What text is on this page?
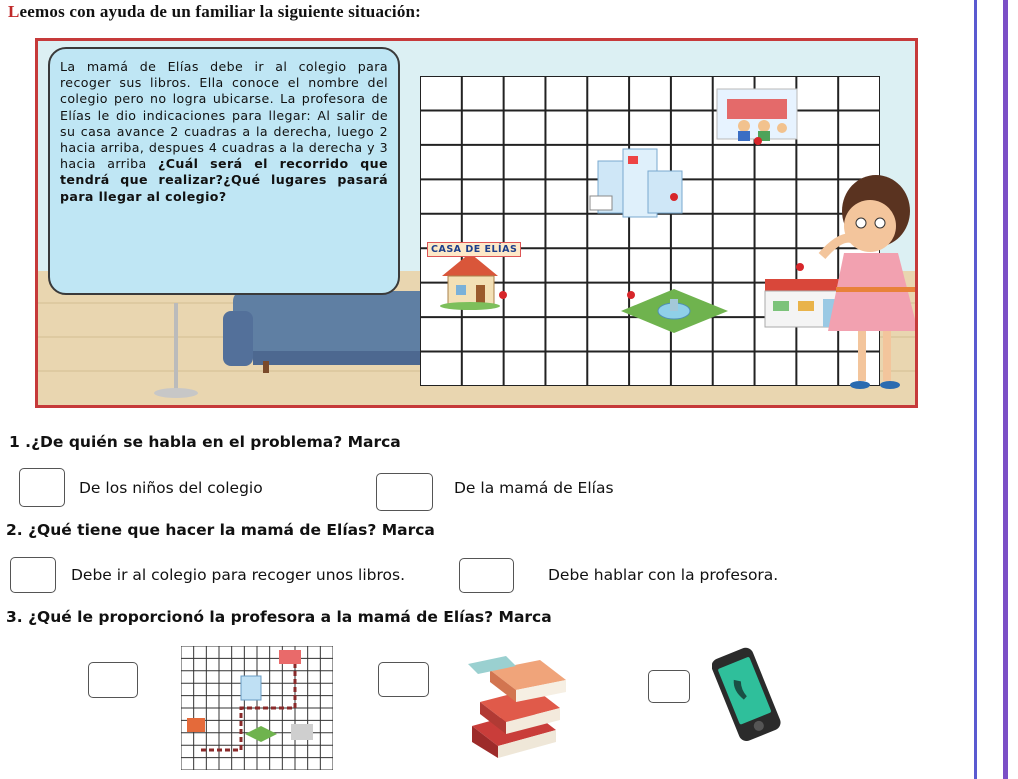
Leemos con ayuda de un familiar la siguiente situación:
CASA DE ELÍAS
La mamá de Elías debe ir al colegio para recoger sus libros. Ella conoce el nombre del colegio pero no logra ubicarse. La profesora de Elías le dio indicaciones para llegar: Al salir de su casa avance 2 cuadras a la derecha, luego 2 hacia arriba, despues 4 cuadras a la derecha y 3 hacia arriba ¿Cuál será el recorrido que tendrá que realizar?¿Qué lugares pasará para llegar al colegio?
1 .¿De quién se habla en el problema? Marca
De los niños del colegio	De la mamá de Elías
2. ¿Qué tiene que hacer la mamá de Elías? Marca
Debe ir al colegio para recoger unos libros.	Debe hablar con la profesora.
3. ¿Qué le proporcionó la profesora a la mamá de Elías? Marca
